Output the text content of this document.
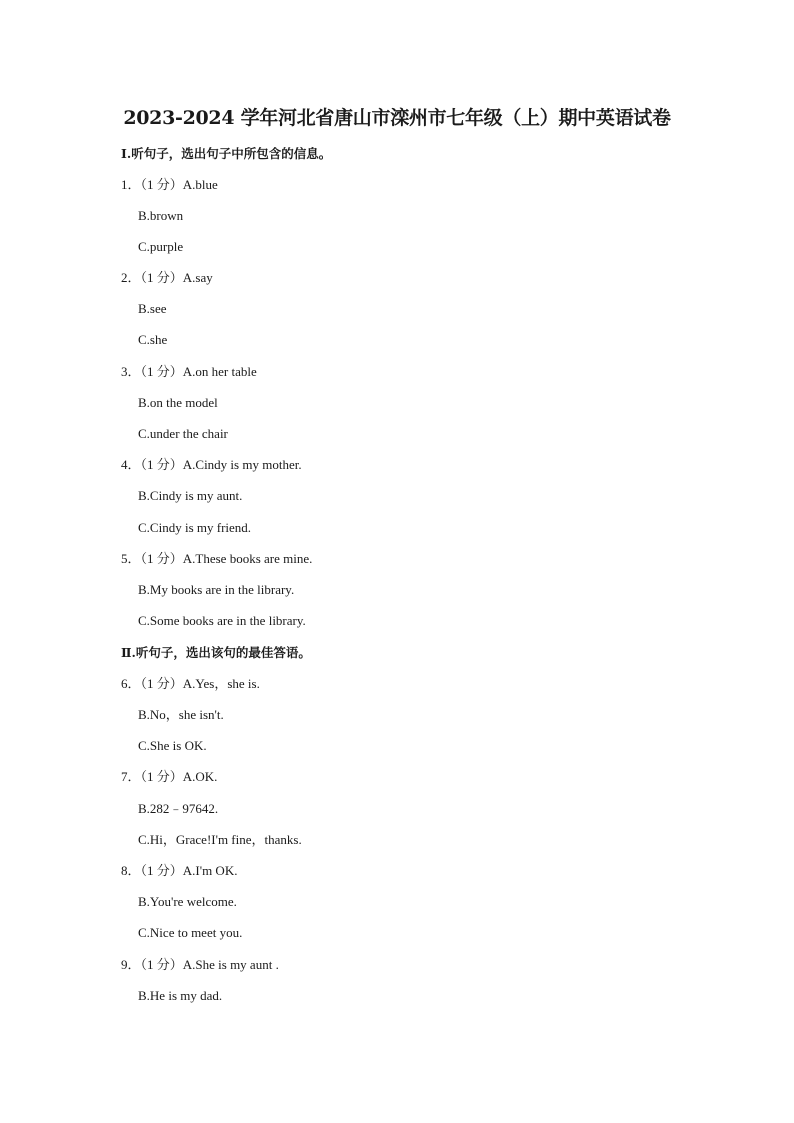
2023-2024 学年河北省唐山市滦州市七年级（上）期中英语试卷
Ⅰ.听句子，选出句子中所包含的信息。
1．（1 分）A.blue
B.brown
C.purple
2．（1 分）A.say
B.see
C.she
3．（1 分）A.on her table
B.on the model
C.under the chair
4．（1 分）A.Cindy is my mother.
B.Cindy is my aunt.
C.Cindy is my friend.
5．（1 分）A.These books are mine.
B.My books are in the library.
C.Some books are in the library.
Ⅱ.听句子，选出该句的最佳答语。
6．（1 分）A.Yes，she is.
B.No，she isn't.
C.She is OK.
7．（1 分）A.OK.
B.282﹣97642.
C.Hi，Grace!I'm fine，thanks.
8．（1 分）A.I'm OK.
B.You're welcome.
C.Nice to meet you.
9．（1 分）A.She is my aunt .
B.He is my dad.
